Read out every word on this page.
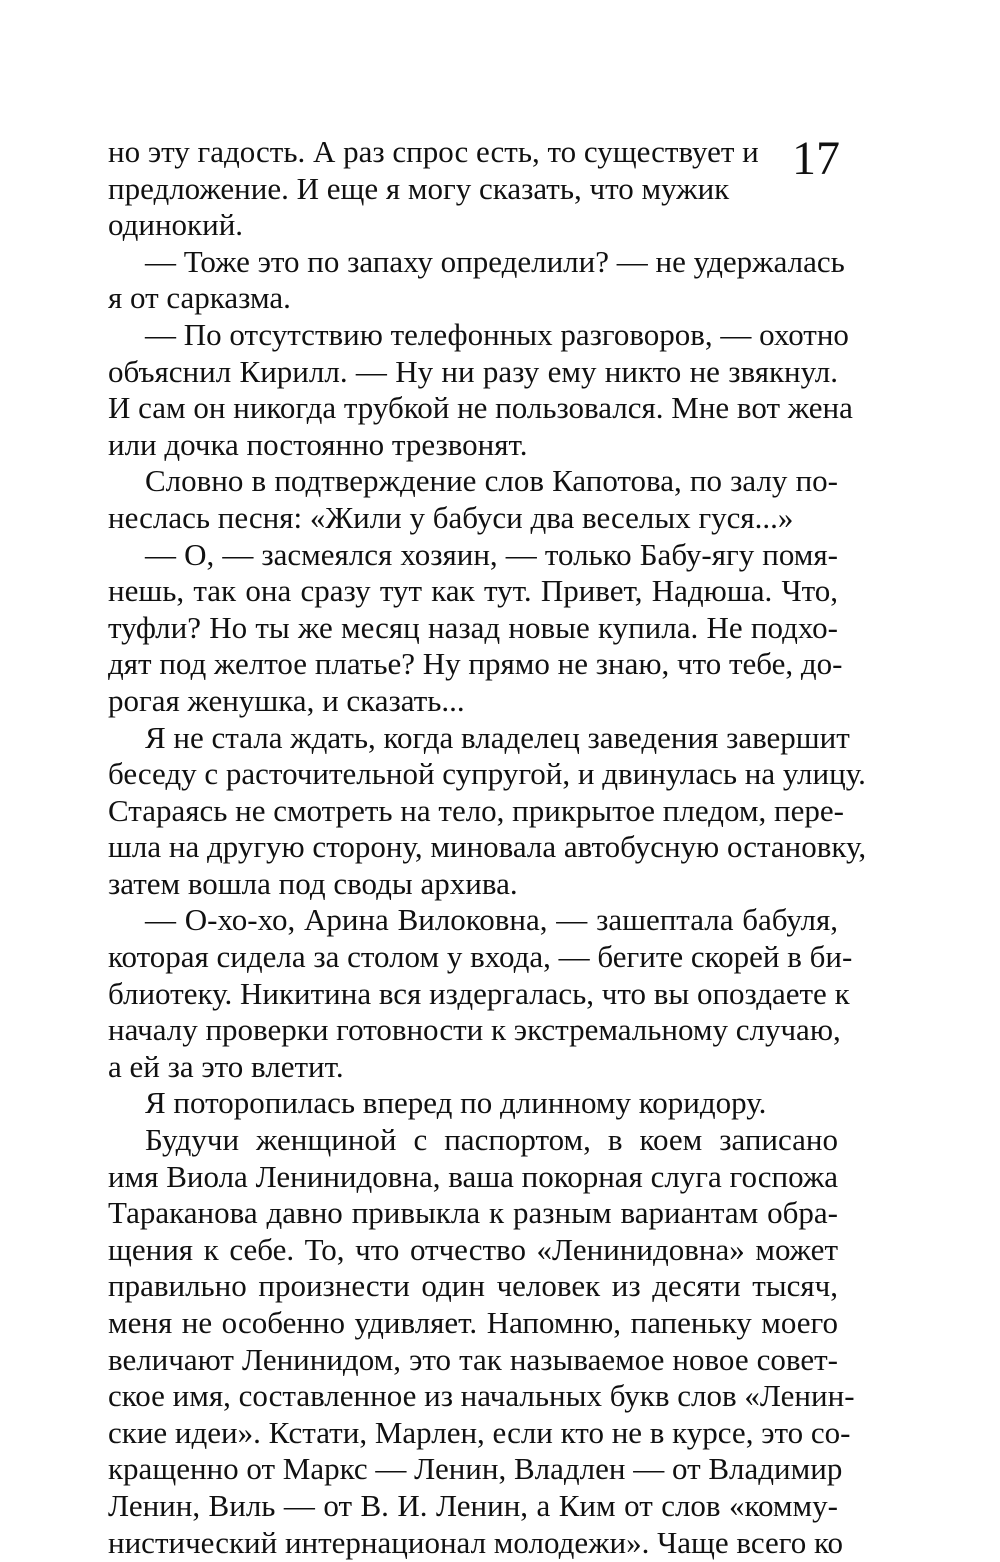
17
но эту гадость. А раз спрос есть, то существует и
предложение. И еще я могу сказать, что мужик
одинокий.
— Тоже это по запаху определили? — не удержалась
я от сарказма.
— По отсутствию телефонных разговоров, — охотно
объяснил Кирилл. — Ну ни разу ему никто не звякнул.
И сам он никогда трубкой не пользовался. Мне вот жена
или дочка постоянно трезвонят.
Словно в подтверждение слов Капотова, по залу по-
неслась песня: «Жили у бабуси два веселых гуся...»
— О, — засмеялся хозяин, — только Бабу-ягу помя-
нешь, так она сразу тут как тут. Привет, Надюша. Что,
туфли? Но ты же месяц назад новые купила. Не подхо-
дят под желтое платье? Ну прямо не знаю, что тебе, до-
рогая женушка, и сказать...
Я не стала ждать, когда владелец заведения завершит
беседу с расточительной супругой, и двинулась на улицу.
Стараясь не смотреть на тело, прикрытое пледом, пере-
шла на другую сторону, миновала автобусную остановку,
затем вошла под своды архива.
— О-хо-хо, Арина Вилоковна, — зашептала бабуля,
которая сидела за столом у входа, — бегите скорей в би-
блиотеку. Никитина вся издергалась, что вы опоздаете к
началу проверки готовности к экстремальному случаю,
а ей за это влетит.
Я поторопилась вперед по длинному коридору.
Будучи женщиной с паспортом, в коем записано
имя Виола Ленинидовна, ваша покорная слуга госпожа
Тараканова давно привыкла к разным вариантам обра-
щения к себе. То, что отчество «Ленинидовна» может
правильно произнести один человек из десяти тысяч,
меня не особенно удивляет. Напомню, папеньку моего
величают Ленинидом, это так называемое новое совет-
ское имя, составленное из начальных букв слов «Ленин-
ские идеи». Кстати, Марлен, если кто не в курсе, это со-
кращенно от Маркс — Ленин, Владлен — от Владимир
Ленин, Виль — от В. И. Ленин, а Ким от слов «комму-
нистический интернационал молодежи». Чаще всего ко
